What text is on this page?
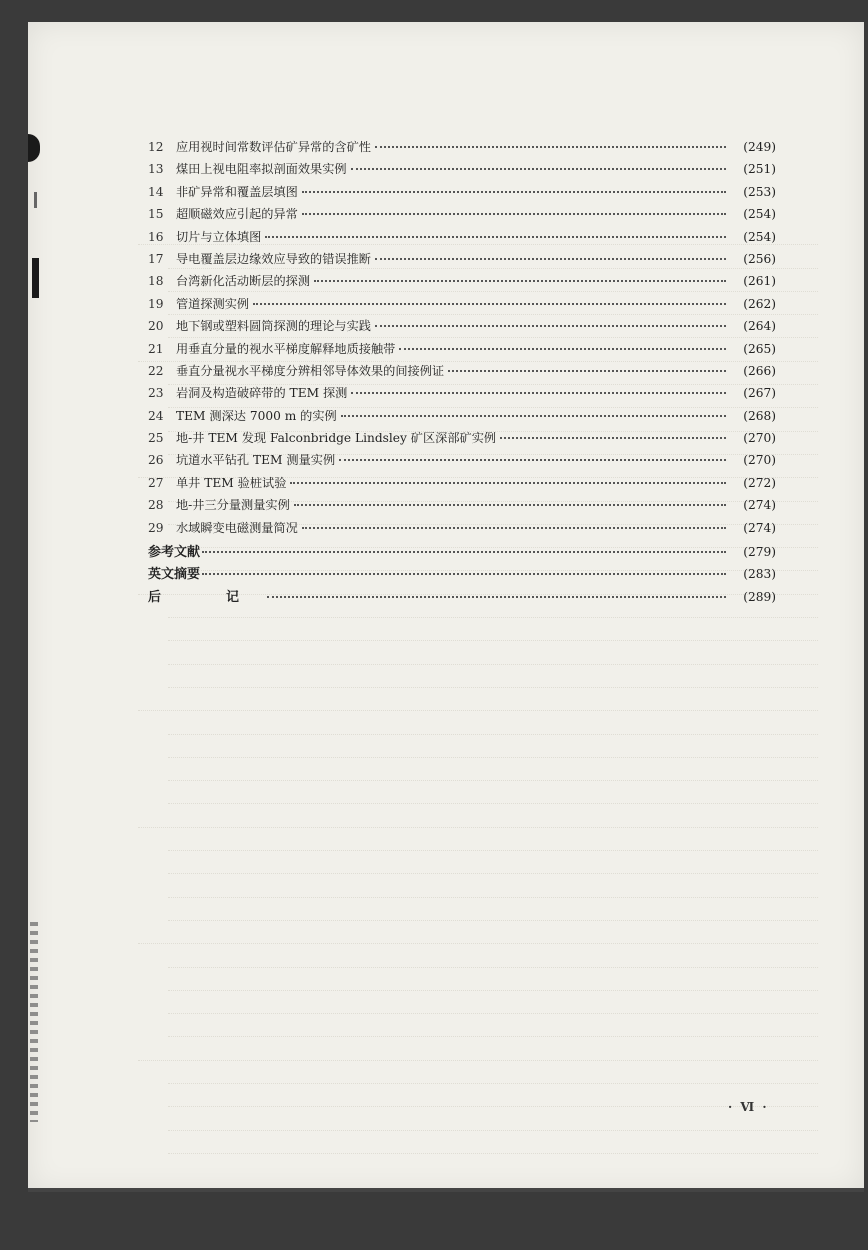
12	应用视时间常数评估矿异常的含矿性	(249)
13	煤田上视电阻率拟剖面效果实例	(251)
14	非矿异常和覆盖层填图	(253)
15	超顺磁效应引起的异常	(254)
16	切片与立体填图	(254)
17	导电覆盖层边缘效应导致的错误推断	(256)
18	台湾新化活动断层的探测	(261)
19	管道探测实例	(262)
20	地下钢或塑料圆筒探测的理论与实践	(264)
21	用垂直分量的视水平梯度解释地质接触带	(265)
22	垂直分量视水平梯度分辨相邻导体效果的间接例证	(266)
23	岩洞及构造破碎带的 TEM 探测	(267)
24	TEM 测深达 7000 m 的实例	(268)
25	地-井 TEM 发现 Falconbridge Lindsley 矿区深部矿实例	(270)
26	坑道水平钻孔 TEM 测量实例	(270)
27	单井 TEM 验桩试验	(272)
28	地-井三分量测量实例	(274)
29	水域瞬变电磁测量简况	(274)
参考文献	(279)
英文摘要	(283)
后　记	(289)
· Ⅵ ·
